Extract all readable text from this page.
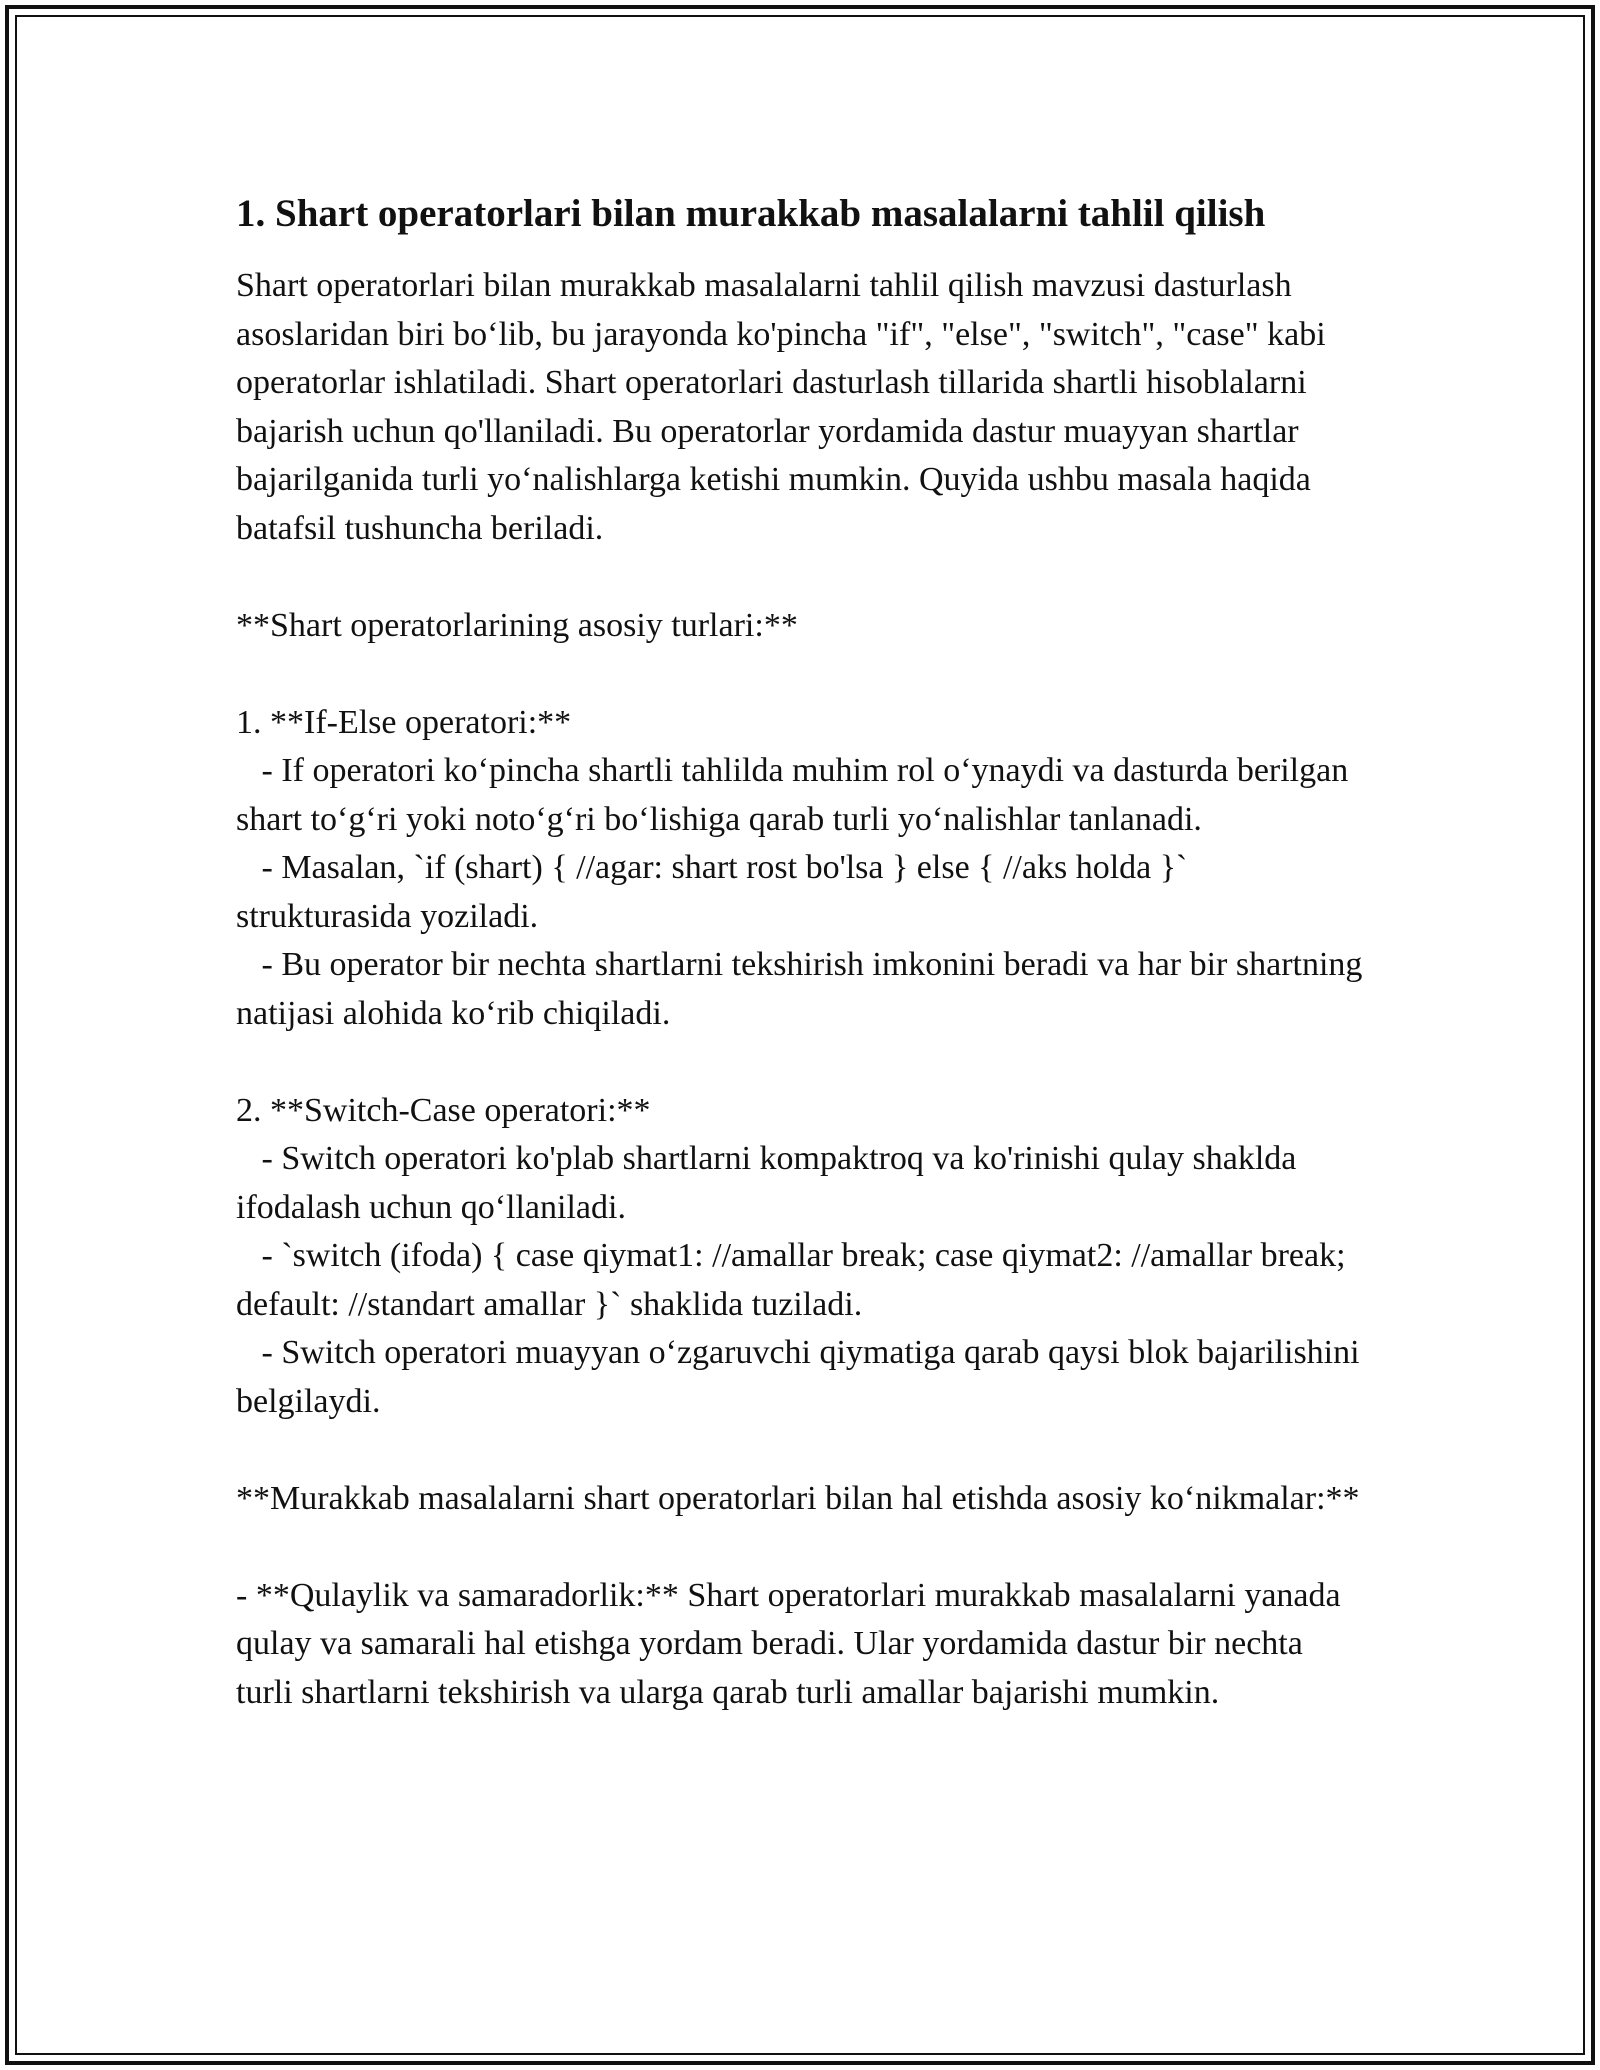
1. Shart operatorlari bilan murakkab masalalarni tahlil qilish

Shart operatorlari bilan murakkab masalalarni tahlil qilish mavzusi dasturlash asoslaridan biri bo‘lib, bu jarayonda ko'pincha "if", "else", "switch", "case" kabi operatorlar ishlatiladi. Shart operatorlari dasturlash tillarida shartli hisoblalarni bajarish uchun qo'llaniladi. Bu operatorlar yordamida dastur muayyan shartlar bajarilganida turli yo‘nalishlarga ketishi mumkin. Quyida ushbu masala haqida batafsil tushuncha beriladi.

**Shart operatorlarining asosiy turlari:**

1. **If-Else operatori:**

- If operatori ko‘pincha shartli tahlilda muhim rol o‘ynaydi va dasturda berilgan shart to‘g‘ri yoki noto‘g‘ri bo‘lishiga qarab turli yo‘nalishlar tanlanadi.

- Masalan, `if (shart) { //agar: shart rost bo'lsa } else { //aks holda }` strukturasida yoziladi.

- Bu operator bir nechta shartlarni tekshirish imkonini beradi va har bir shartning natijasi alohida ko‘rib chiqiladi.

2. **Switch-Case operatori:**

- Switch operatori ko'plab shartlarni kompaktroq va ko'rinishi qulay shaklda ifodalash uchun qo‘llaniladi.

- `switch (ifoda) { case qiymat1: //amallar break; case qiymat2: //amallar break; default: //standart amallar }` shaklida tuziladi.

- Switch operatori muayyan o‘zgaruvchi qiymatiga qarab qaysi blok bajarilishini belgilaydi.

**Murakkab masalalarni shart operatorlari bilan hal etishda asosiy ko‘nikmalar:**

- **Qulaylik va samaradorlik:** Shart operatorlari murakkab masalalarni yanada qulay va samarali hal etishga yordam beradi. Ular yordamida dastur bir nechta turli shartlarni tekshirish va ularga qarab turli amallar bajarishi mumkin.
